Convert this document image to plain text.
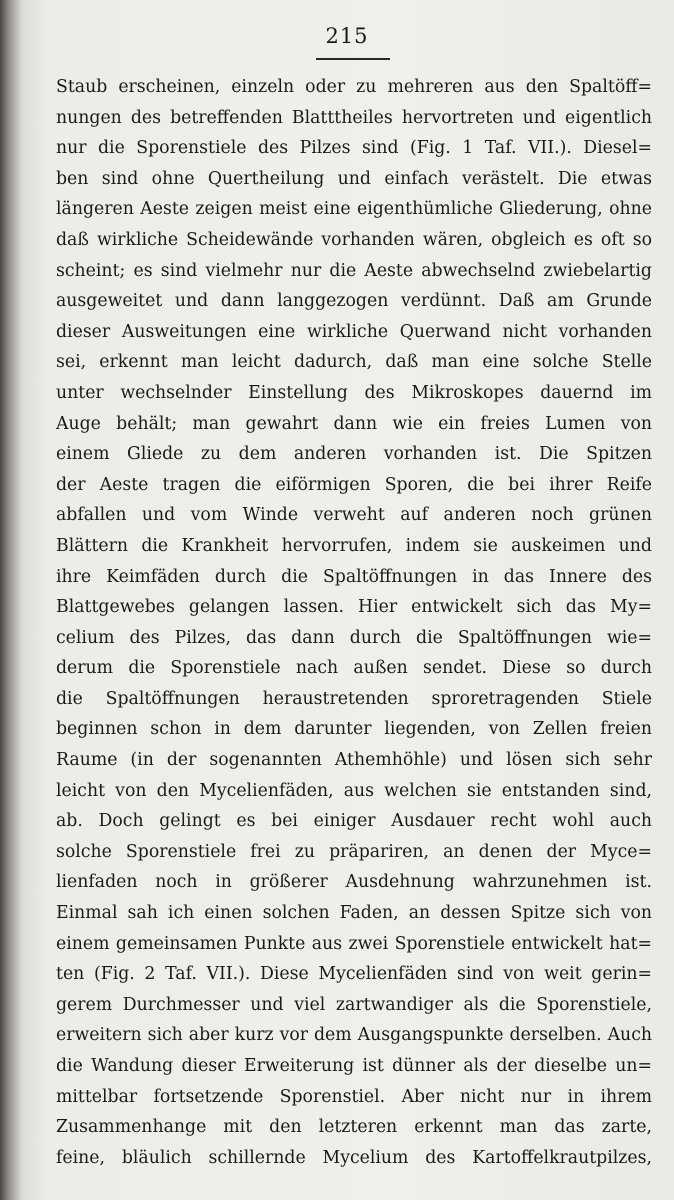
215
Staub erscheinen, einzeln oder zu mehreren aus den Spaltöff=
nungen des betreffenden Blatttheiles hervortreten und eigentlich
nur die Sporenstiele des Pilzes sind (Fig. 1 Taf. VII.). Diesel=
ben sind ohne Quertheilung und einfach verästelt. Die etwas
längeren Aeste zeigen meist eine eigenthümliche Gliederung, ohne
daß wirkliche Scheidewände vorhanden wären, obgleich es oft so
scheint; es sind vielmehr nur die Aeste abwechselnd zwiebelartig
ausgeweitet und dann langgezogen verdünnt. Daß am Grunde
dieser Ausweitungen eine wirkliche Querwand nicht vorhanden
sei, erkennt man leicht dadurch, daß man eine solche Stelle
unter wechselnder Einstellung des Mikroskopes dauernd im
Auge behält; man gewahrt dann wie ein freies Lumen von
einem Gliede zu dem anderen vorhanden ist. Die Spitzen
der Aeste tragen die eiförmigen Sporen, die bei ihrer Reife
abfallen und vom Winde verweht auf anderen noch grünen
Blättern die Krankheit hervorrufen, indem sie auskeimen und
ihre Keimfäden durch die Spaltöffnungen in das Innere des
Blattgewebes gelangen lassen. Hier entwickelt sich das My=
celium des Pilzes, das dann durch die Spaltöffnungen wie=
derum die Sporenstiele nach außen sendet. Diese so durch
die Spaltöffnungen heraustretenden sproretragenden Stiele
beginnen schon in dem darunter liegenden, von Zellen freien
Raume (in der sogenannten Athemhöhle) und lösen sich sehr
leicht von den Mycelienfäden, aus welchen sie entstanden sind,
ab. Doch gelingt es bei einiger Ausdauer recht wohl auch
solche Sporenstiele frei zu präpariren, an denen der Myce=
lienfaden noch in größerer Ausdehnung wahrzunehmen ist.
Einmal sah ich einen solchen Faden, an dessen Spitze sich von
einem gemeinsamen Punkte aus zwei Sporenstiele entwickelt hat=
ten (Fig. 2 Taf. VII.). Diese Mycelienfäden sind von weit gerin=
gerem Durchmesser und viel zartwandiger als die Sporenstiele,
erweitern sich aber kurz vor dem Ausgangspunkte derselben. Auch
die Wandung dieser Erweiterung ist dünner als der dieselbe un=
mittelbar fortsetzende Sporenstiel. Aber nicht nur in ihrem
Zusammenhange mit den letzteren erkennt man das zarte,
feine, bläulich schillernde Mycelium des Kartoffelkrautpilzes,
